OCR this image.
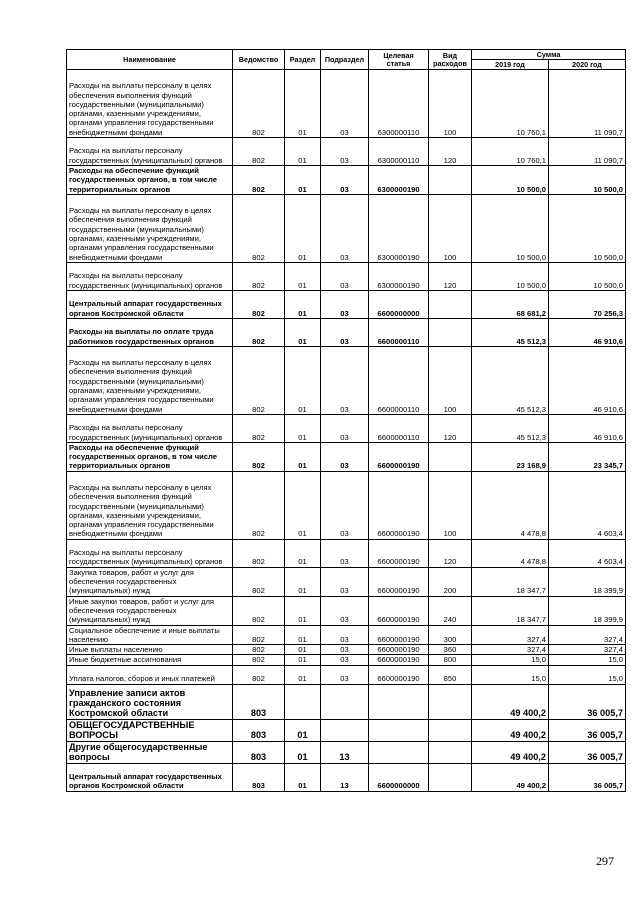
Наименование	Ведомство	Раздел	Подраздел	Целевая статья	Вид расходов	Сумма	
						2019 год	2020 год
Расходы на выплаты персоналу в целях обеспечения выполнения функций государственными (муниципальными) органами, казенными учреждениями, органами управления государственными внебюджетными фондами	802	01	03	6300000110	100	10 760,1	11 090,7
Расходы на выплаты персоналу государственных (муниципальных) органов	802	01	03	6300000110	120	10 760,1	11 090,7
Расходы на обеспечение функций государственных органов, в том числе территориальных органов	802	01	03	6300000190		10 500,0	10 500,0
Расходы на выплаты персоналу в целях обеспечения выполнения функций государственными (муниципальными) органами, казенными учреждениями, органами управления государственными внебюджетными фондами	802	01	03	6300000190	100	10 500,0	10 500,0
Расходы на выплаты персоналу государственных (муниципальных) органов	802	01	03	6300000190	120	10 500,0	10 500,0
Центральный аппарат государственных органов Костромской области	802	01	03	6600000000		68 681,2	70 256,3
Расходы на выплаты по оплате труда работников государственных органов	802	01	03	6600000110		45 512,3	46 910,6
Расходы на выплаты персоналу в целях обеспечения выполнения функций государственными (муниципальными) органами, казенными учреждениями, органами управления государственными внебюджетными фондами	802	01	03	6600000110	100	45 512,3	46 910,6
Расходы на выплаты персоналу государственных (муниципальных) органов	802	01	03	6600000110	120	45 512,3	46 910,6
Расходы на обеспечение функций государственных органов, в том числе территориальных органов	802	01	03	6600000190		23 168,9	23 345,7
Расходы на выплаты персоналу в целях обеспечения выполнения функций государственными (муниципальными) органами, казенными учреждениями, органами управления государственными внебюджетными фондами	802	01	03	6600000190	100	4 478,8	4 603,4
Расходы на выплаты персоналу государственных (муниципальных) органов	802	01	03	6600000190	120	4 478,8	4 603,4
Закупка товаров, работ и услуг для обеспечения государственных (муниципальных) нужд	802	01	03	6600000190	200	18 347,7	18 399,9
Иные закупки товаров, работ и услуг для обеспечения государственных (муниципальных) нужд	802	01	03	6600000190	240	18 347,7	18 399,9
Социальное обеспечение и иные выплаты населению	802	01	03	6600000190	300	327,4	327,4
Иные выплаты населению	802	01	03	6600000190	360	327,4	327,4
Иные бюджетные ассигнования	802	01	03	6600000190	800	15,0	15,0
Уплата налогов, сборов и иных платежей	802	01	03	6600000190	850	15,0	15,0
Управление записи актов гражданского состояния Костромской области	803					49 400,2	36 005,7
ОБЩЕГОСУДАРСТВЕННЫЕ ВОПРОСЫ	803	01				49 400,2	36 005,7
Другие общегосударственные вопросы	803	01	13			49 400,2	36 005,7
Центральный аппарат государственных органов Костромской области	803	01	13	6600000000		49 400,2	36 005,7
297
